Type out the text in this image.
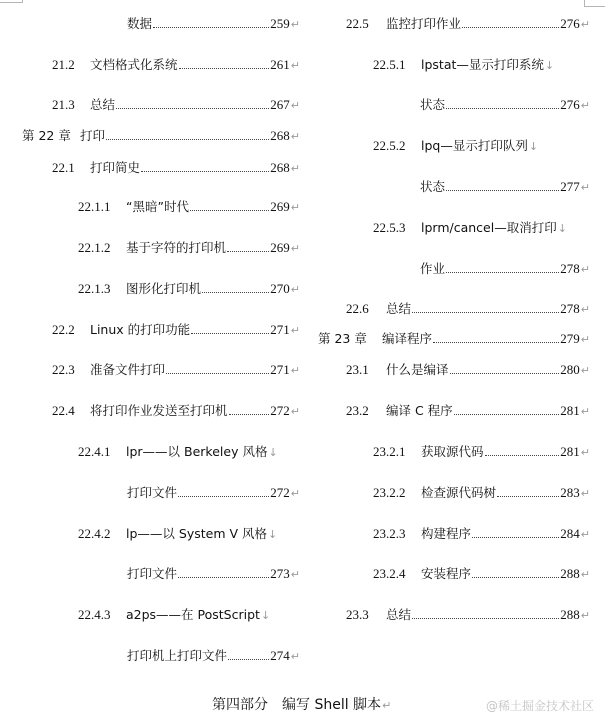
数据	259 ↵
21.2	文档格式化系统	261 ↵
21.3	总结	267 ↵
第 22 章 打印	268 ↵
22.1	打印简史	268 ↵
22.1.1	“黑暗”时代	269 ↵
22.1.2	基于字符的打印机	269 ↵
22.1.3	图形化打印机	270 ↵
22.2	Linux 的打印功能	271 ↵
22.3	准备文件打印	271 ↵
22.4	将打印作业发送至打印机	272 ↵
22.4.1	lpr——以 Berkeley 风格 ↓
打印文件	272 ↵
22.4.2	lp——以 System V 风格 ↓
打印文件	273 ↵
22.4.3	a2ps——在 PostScript ↓
打印机上打印文件	274 ↵
22.5	监控打印作业	276 ↵
22.5.1	lpstat—显示打印系统 ↓
状态	276 ↵
22.5.2	lpq—显示打印队列 ↓
状态	277 ↵
22.5.3	lprm/cancel—取消打印 ↓
作业	278 ↵
22.6	总结	278 ↵
第 23 章	编译程序	279 ↵
23.1	什么是编译	280 ↵
23.2	编译 C 程序	281 ↵
23.2.1	获取源代码	281 ↵
23.2.2	检查源代码树	283 ↵
23.2.3	构建程序	284 ↵
23.2.4	安装程序	288 ↵
23.3	总结	288 ↵
第四部分　编写 Shell 脚本↵	@稀土掘金技术社区
